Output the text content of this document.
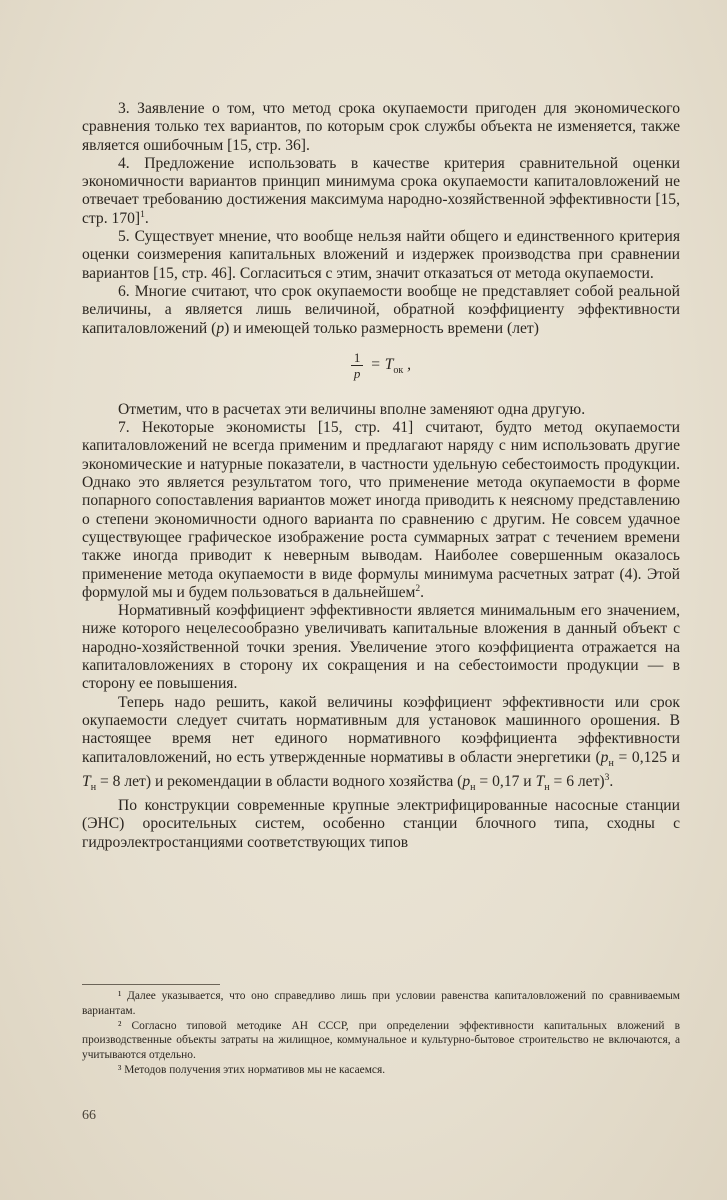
3. Заявление о том, что метод срока окупаемости пригоден для экономического сравнения только тех вариантов, по которым срок службы объекта не изменяется, также является ошибочным [15, стр. 36].

4. Предложение использовать в качестве критерия сравнительной оценки экономичности вариантов принцип минимума срока окупаемости капиталовложений не отвечает требованию достижения максимума народно-хозяйственной эффективности [15, стр. 170]$^1$.

5. Существует мнение, что вообще нельзя найти общего и единственного критерия оценки соизмерения капитальных вложений и издержек производства при сравнении вариантов [15, стр. 46]. Согласиться с этим, значит отказаться от метода окупаемости.

6. Многие считают, что срок окупаемости вообще не представляет собой реальной величины, а является лишь величиной, обратной коэффициенту эффективности капиталовложений (p) и имеющей только размерность времени (лет)

$\frac{1}{p} = T_{ок}$ ,

Отметим, что в расчетах эти величины вполне заменяют одна другую.

7. Некоторые экономисты [15, стр. 41] считают, будто метод окупаемости капиталовложений не всегда применим и предлагают наряду с ним использовать другие экономические и натурные показатели, в частности удельную себестоимость продукции. Однако это является результатом того, что применение метода окупаемости в форме попарного сопоставления вариантов может иногда приводить к неясному представлению о степени экономичности одного варианта по сравнению с другим. Не совсем удачное существующее графическое изображение роста суммарных затрат с течением времени также иногда приводит к неверным выводам. Наиболее совершенным оказалось применение метода окупаемости в виде формулы минимума расчетных затрат (4). Этой формулой мы и будем пользоваться в дальнейшем$^2$.

Нормативный коэффициент эффективности является минимальным его значением, ниже которого нецелесообразно увеличивать капитальные вложения в данный объект с народно-хозяйственной точки зрения. Увеличение этого коэффициента отражается на капиталовложениях в сторону их сокращения и на себестоимости продукции — в сторону ее повышения.

Теперь надо решить, какой величины коэффициент эффективности или срок окупаемости следует считать нормативным для установок машинного орошения. В настоящее время нет единого нормативного коэффициента эффективности капиталовложений, но есть утвержденные нормативы в области энергетики ($p_н = 0,125$ и $T_н = 8$ лет) и рекомендации в области водного хозяйства ($p_н = 0,17$ и $T_н = 6$ лет)$^3$.

По конструкции современные крупные электрифицированные насосные станции (ЭНС) оросительных систем, особенно станции блочного типа, сходны с гидроэлектростанциями соответствующих типов

¹ Далее указывается, что оно справедливо лишь при условии равенства капиталовложений по сравниваемым вариантам.

² Согласно типовой методике АН СССР, при определении эффективности капитальных вложений в производственные объекты затраты на жилищное, коммунальное и культурно-бытовое строительство не включаются, а учитываются отдельно.

³ Методов получения этих нормативов мы не касаемся.

66
